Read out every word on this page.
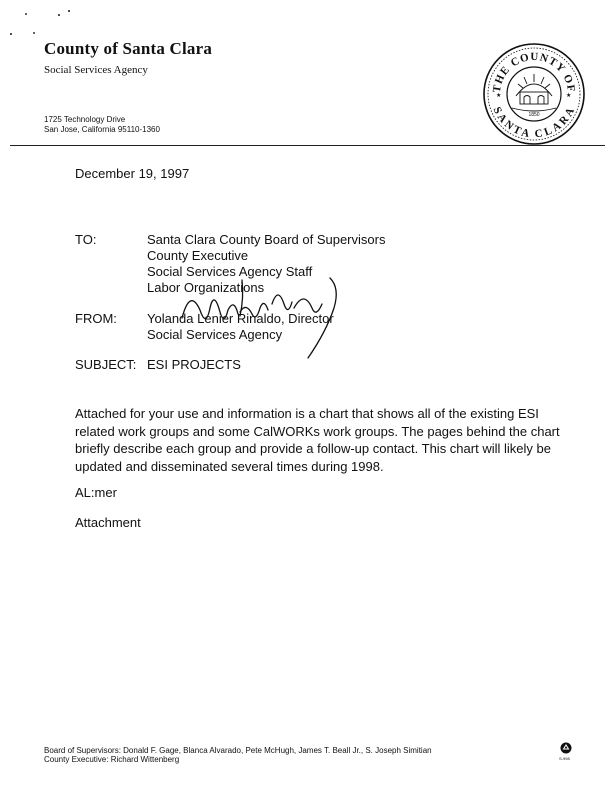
County of Santa Clara
Social Services Agency
1725 Technology Drive
San Jose, California 95110-1360
THE COUNTY OF
SANTA CLARA
1850
★	★
December 19, 1997
TO:	Santa Clara County Board of Supervisors
County Executive
Social Services Agency Staff
Labor Organizations
FROM: Yolanda Lenier Rinaldo, Director
Social Services Agency
SUBJECT: ESI PROJECTS
Attached for your use and information is a chart that shows all of the existing ESI related work groups and some CalWORKs work groups. The pages behind the chart briefly describe each group and provide a follow-up contact. This chart will likely be updated and disseminated several times during 1998.
AL:mer
Attachment
Board of Supervisors: Donald F. Gage, Blanca Alvarado, Pete McHugh, James T. Beall Jr., S. Joseph Simitian
County Executive: Richard Wittenberg	S-998
